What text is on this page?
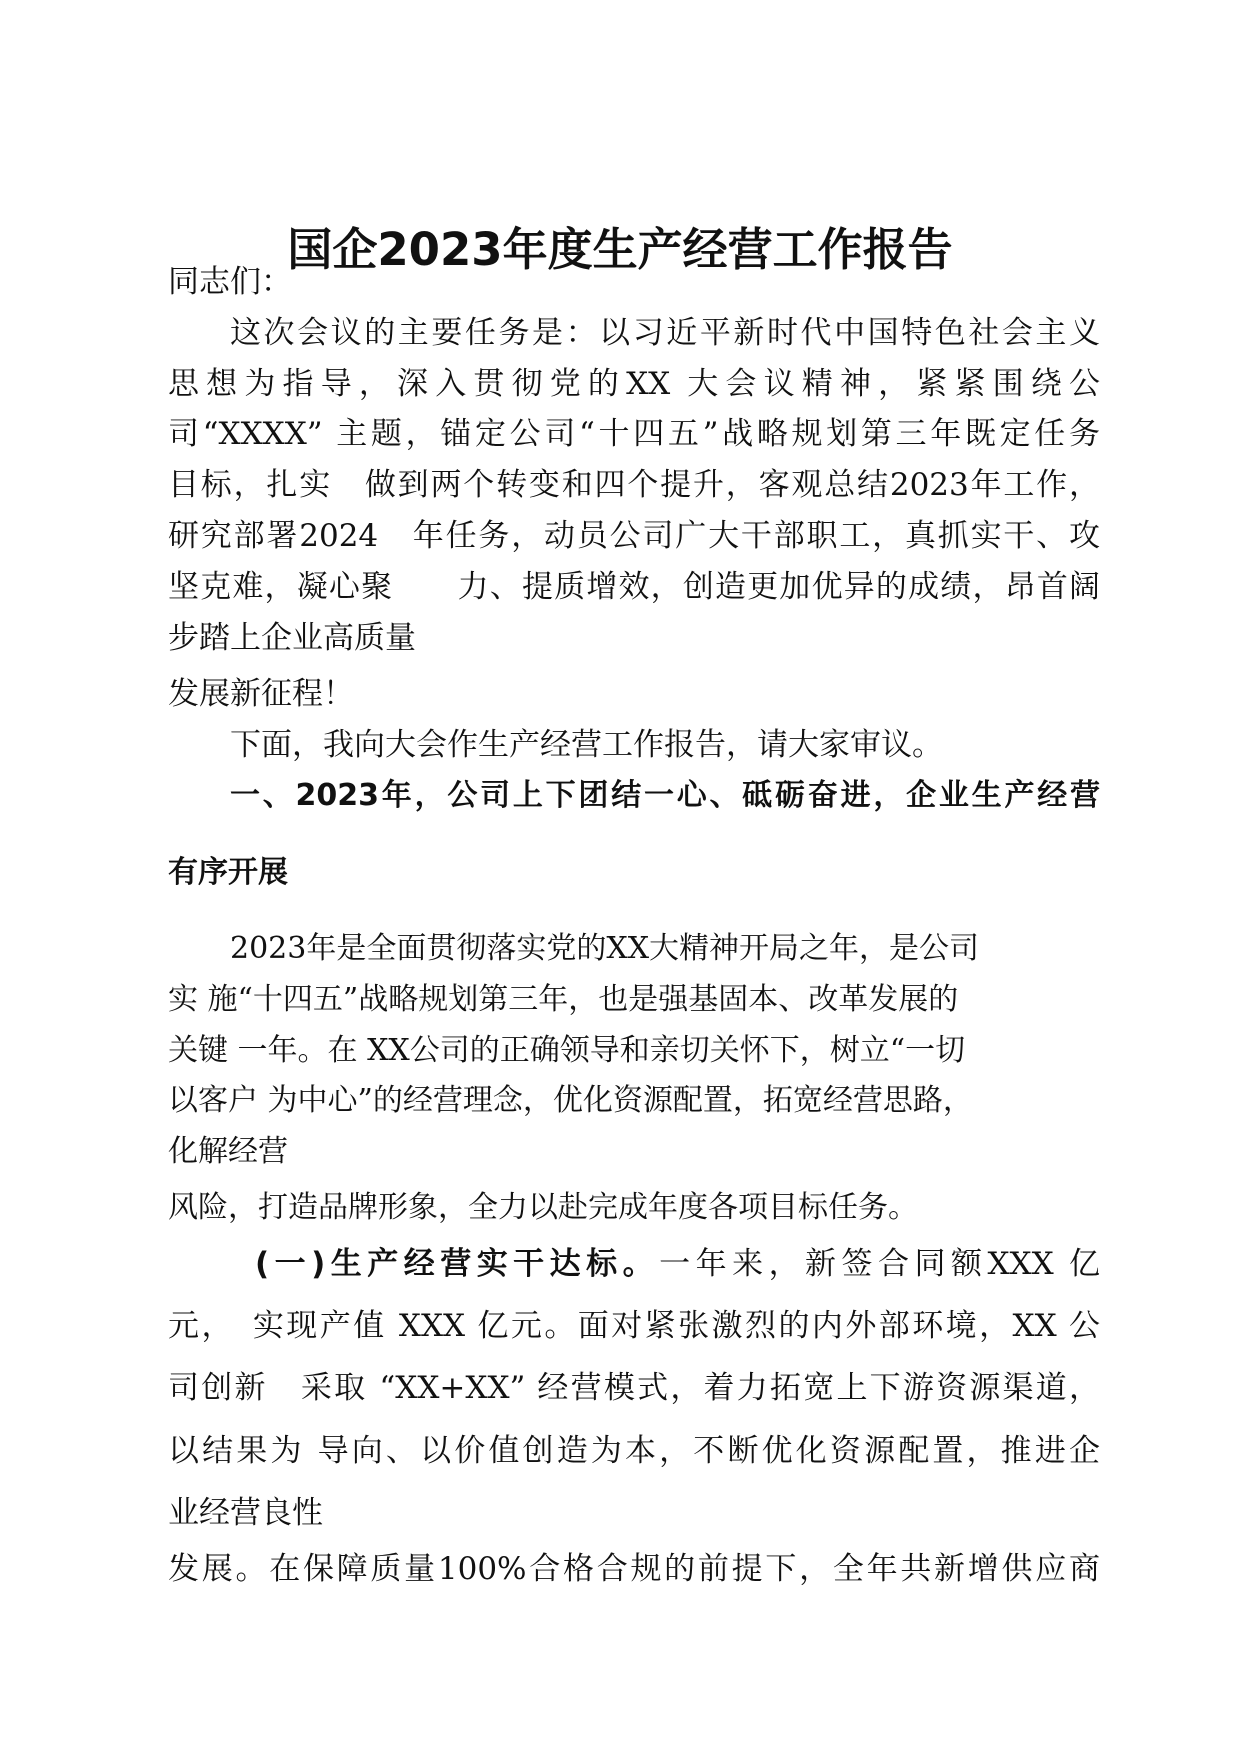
国企2023年度生产经营工作报告

同志们：

这次会议的主要任务是：以习近平新时代中国特色社会主义

思想为指导，深入贯彻党的XX 大会议精神，紧紧围绕公

司“XXXX” 主题，锚定公司“十四五”战略规划第三年既定任务

目标，扎实　做到两个转变和四个提升，客观总结2023年工作，

研究部署2024　年任务，动员公司广大干部职工，真抓实干、攻

坚克难，凝心聚　　力、提质增效，创造更加优异的成绩，昂首阔

步踏上企业高质量

发展新征程！

下面，我向大会作生产经营工作报告，请大家审议。

一、2023年，公司上下团结一心、砥砺奋进，企业生产经营

有序开展

2023年是全面贯彻落实党的XX大精神开局之年，是公司

实 施“十四五”战略规划第三年，也是强基固本、改革发展的

关键 一年。在 XX公司的正确领导和亲切关怀下，树立“一切

以客户 为中心”的经营理念，优化资源配置，拓宽经营思路，

化解经营

风险，打造品牌形象，全力以赴完成年度各项目标任务。

(一)生产经营实干达标。一年来，新签合同额XXX 亿

元，　实现产值 XXX 亿元。面对紧张激烈的内外部环境，XX 公

司创新　采取 “XX+XX” 经营模式，着力拓宽上下游资源渠道，

以结果为 导向、以价值创造为本，不断优化资源配置，推进企

业经营良性

发展。在保障质量100%合格合规的前提下，全年共新增供应商
